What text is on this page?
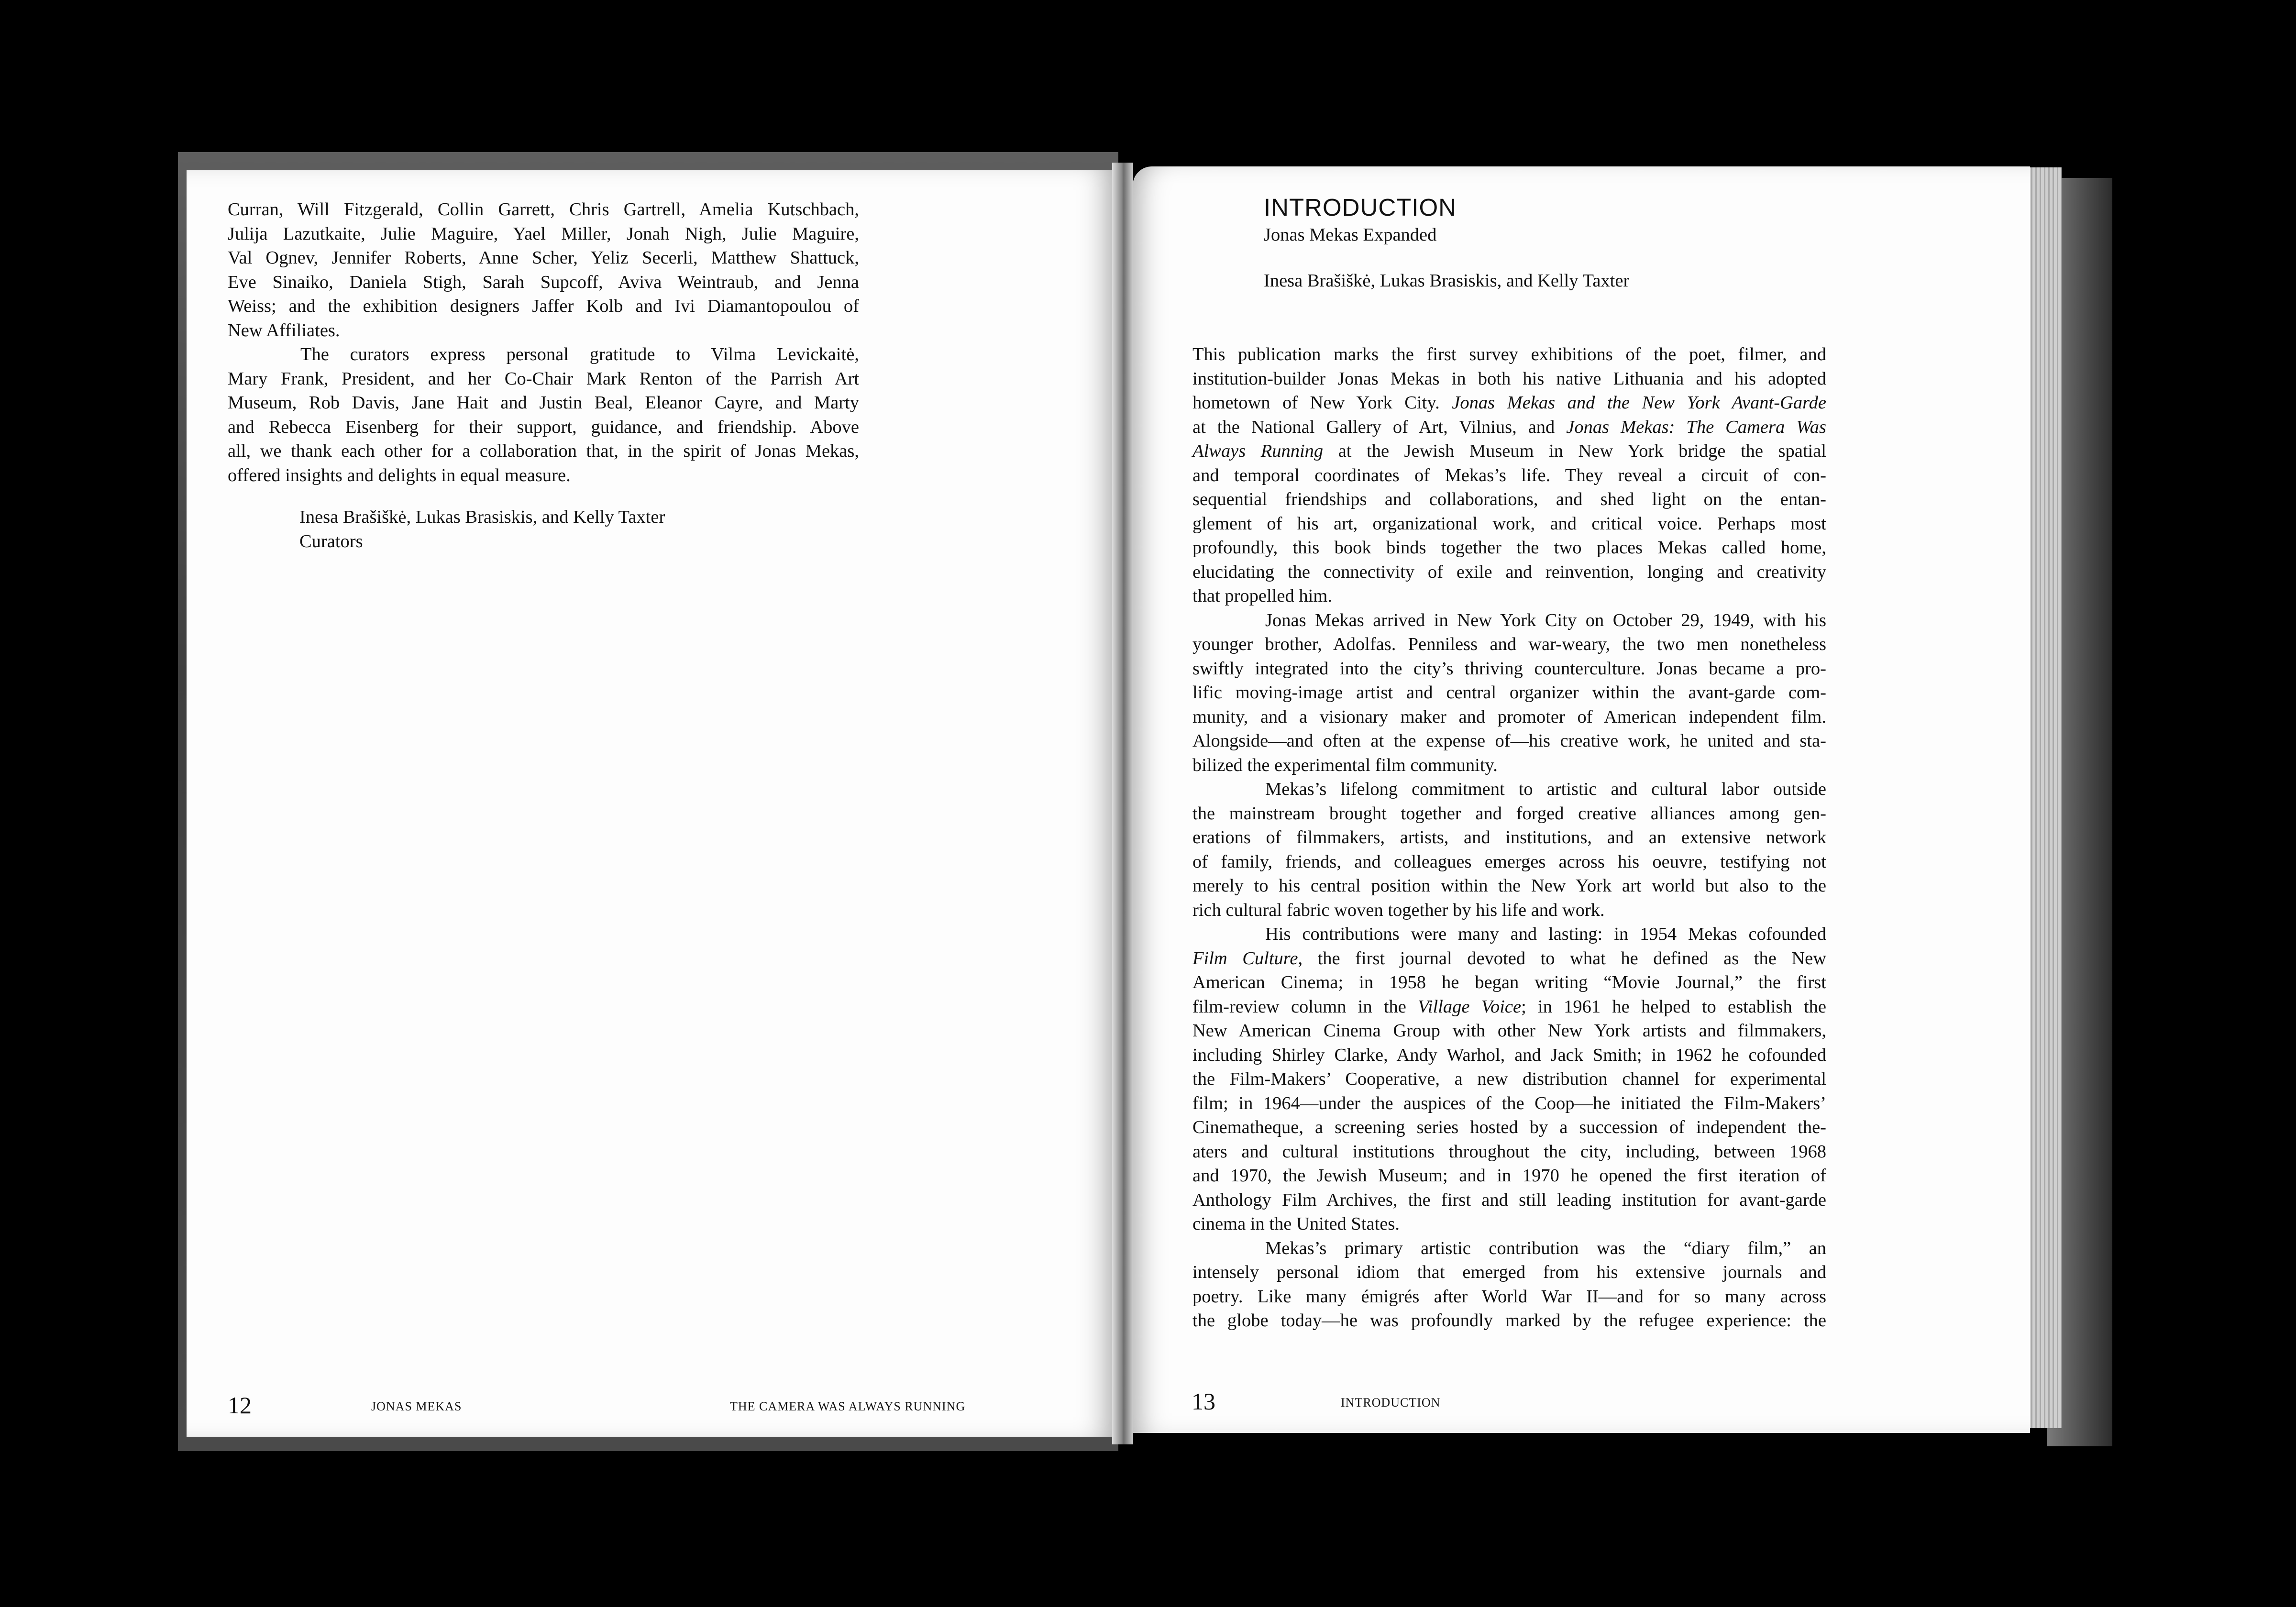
Curran, Will Fitzgerald, Collin Garrett, Chris Gartrell, Amelia Kutschbach,
Julija Lazutkaite, Julie Maguire, Yael Miller, Jonah Nigh, Julie Maguire,
Val Ognev, Jennifer Roberts, Anne Scher, Yeliz Secerli, Matthew Shattuck,
Eve Sinaiko, Daniela Stigh, Sarah Supcoff, Aviva Weintraub, and Jenna
Weiss; and the exhibition designers Jaffer Kolb and Ivi Diamantopoulou of
New Affiliates.

The curators express personal gratitude to Vilma Levickaitė,
Mary Frank, President, and her Co-Chair Mark Renton of the Parrish Art
Museum, Rob Davis, Jane Hait and Justin Beal, Eleanor Cayre, and Marty
and Rebecca Eisenberg for their support, guidance, and friendship. Above
all, we thank each other for a collaboration that, in the spirit of Jonas Mekas,
offered insights and delights in equal measure.

Inesa Brašiškė, Lukas Brasiskis, and Kelly Taxter
Curators
12	JONAS MEKAS	THE CAMERA WAS ALWAYS RUNNING
INTRODUCTION
Jonas Mekas Expanded
Inesa Brašiškė, Lukas Brasiskis, and Kelly Taxter

This publication marks the first survey exhibitions of the poet, filmer, and
institution-builder Jonas Mekas in both his native Lithuania and his adopted
hometown of New York City. Jonas Mekas and the New York Avant-Garde
at the National Gallery of Art, Vilnius, and Jonas Mekas: The Camera Was
Always Running at the Jewish Museum in New York bridge the spatial
and temporal coordinates of Mekas’s life. They reveal a circuit of con-
sequential friendships and collaborations, and shed light on the entan-
glement of his art, organizational work, and critical voice. Perhaps most
profoundly, this book binds together the two places Mekas called home,
elucidating the connectivity of exile and reinvention, longing and creativity
that propelled him.

Jonas Mekas arrived in New York City on October 29, 1949, with his
younger brother, Adolfas. Penniless and war-weary, the two men nonetheless
swiftly integrated into the city’s thriving counterculture. Jonas became a pro-
lific moving-image artist and central organizer within the avant-garde com-
munity, and a visionary maker and promoter of American independent film.
Alongside—and often at the expense of—his creative work, he united and sta-
bilized the experimental film community.

Mekas’s lifelong commitment to artistic and cultural labor outside
the mainstream brought together and forged creative alliances among gen-
erations of filmmakers, artists, and institutions, and an extensive network
of family, friends, and colleagues emerges across his oeuvre, testifying not
merely to his central position within the New York art world but also to the
rich cultural fabric woven together by his life and work.

His contributions were many and lasting: in 1954 Mekas cofounded
Film Culture, the first journal devoted to what he defined as the New
American Cinema; in 1958 he began writing “Movie Journal,” the first
film-review column in the Village Voice; in 1961 he helped to establish the
New American Cinema Group with other New York artists and filmmakers,
including Shirley Clarke, Andy Warhol, and Jack Smith; in 1962 he cofounded
the Film-Makers’ Cooperative, a new distribution channel for experimental
film; in 1964—under the auspices of the Coop—he initiated the Film-Makers’
Cinematheque, a screening series hosted by a succession of independent the-
aters and cultural institutions throughout the city, including, between 1968
and 1970, the Jewish Museum; and in 1970 he opened the first iteration of
Anthology Film Archives, the first and still leading institution for avant-garde
cinema in the United States.

Mekas’s primary artistic contribution was the “diary film,” an
intensely personal idiom that emerged from his extensive journals and
poetry. Like many émigrés after World War II—and for so many across
the globe today—he was profoundly marked by the refugee experience: the

13	INTRODUCTION
